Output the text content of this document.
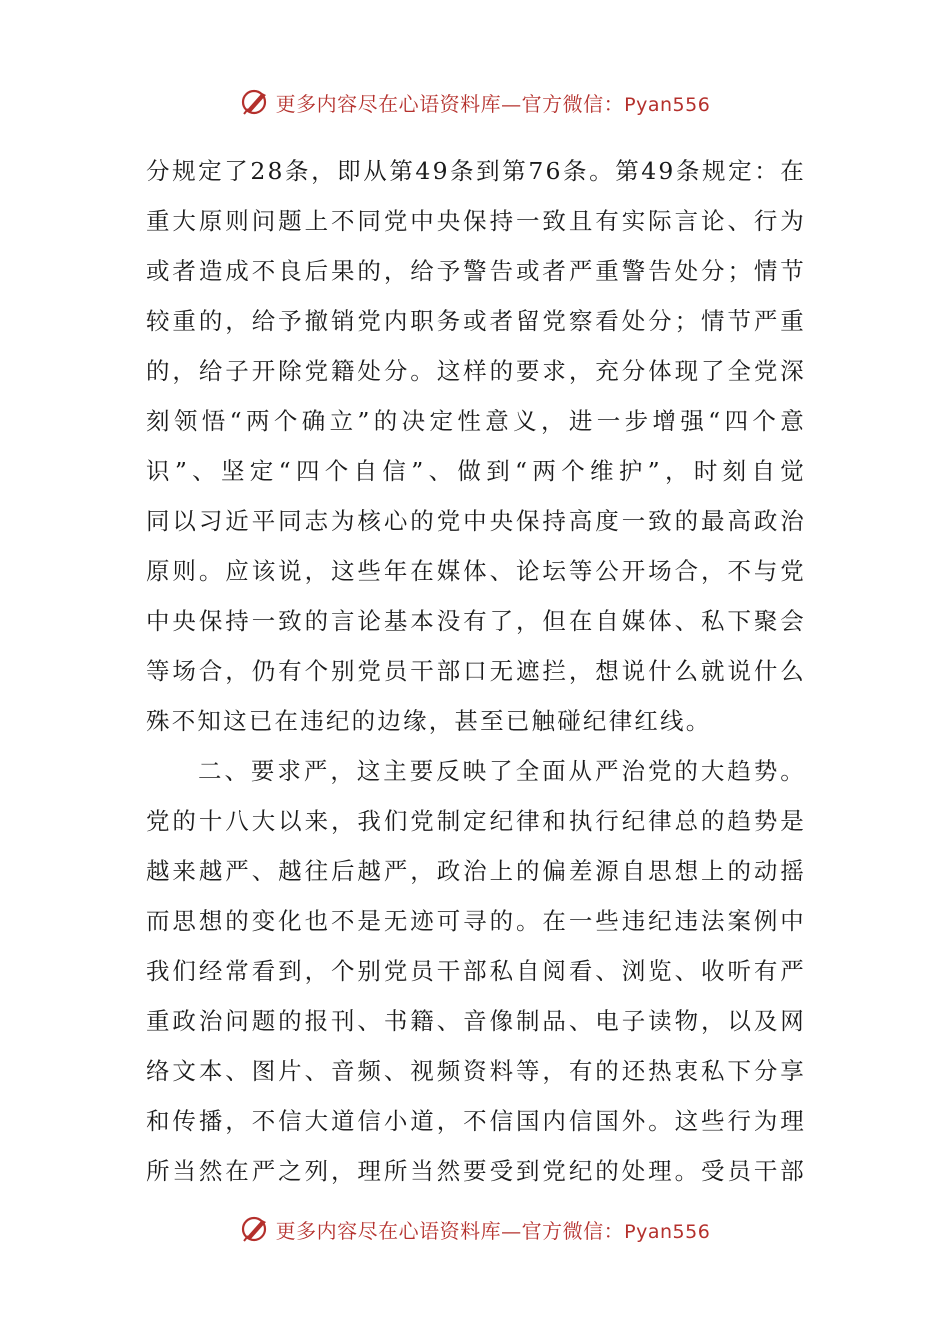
更多内容尽在心语资料库—官方微信：Pyan556
分规定了28条，即从第49条到第76条。第49条规定：在
重大原则问题上不同党中央保持一致且有实际言论、行为
或者造成不良后果的，给予警告或者严重警告处分；情节
较重的，给予撤销党内职务或者留党察看处分；情节严重
的，给子开除党籍处分。这样的要求，充分体现了全党深
刻领悟“两个确立”的决定性意义，进一步增强“四个意
识”、坚定“四个自信”、做到“两个维护”，时刻自觉
同以习近平同志为核心的党中央保持高度一致的最高政治
原则。应该说，这些年在媒体、论坛等公开场合，不与党
中央保持一致的言论基本没有了，但在自媒体、私下聚会
等场合，仍有个别党员干部口无遮拦，想说什么就说什么
殊不知这已在违纪的边缘，甚至已触碰纪律红线。
二、要求严，这主要反映了全面从严治党的大趋势。
党的十八大以来，我们党制定纪律和执行纪律总的趋势是
越来越严、越往后越严，政治上的偏差源自思想上的动摇
而思想的变化也不是无迹可寻的。在一些违纪违法案例中
我们经常看到，个别党员干部私自阅看、浏览、收听有严
重政治问题的报刊、书籍、音像制品、电子读物，以及网
络文本、图片、音频、视频资料等，有的还热衷私下分享
和传播，不信大道信小道，不信国内信国外。这些行为理
所当然在严之列，理所当然要受到党纪的处理。受员干部
更多内容尽在心语资料库—官方微信：Pyan556
